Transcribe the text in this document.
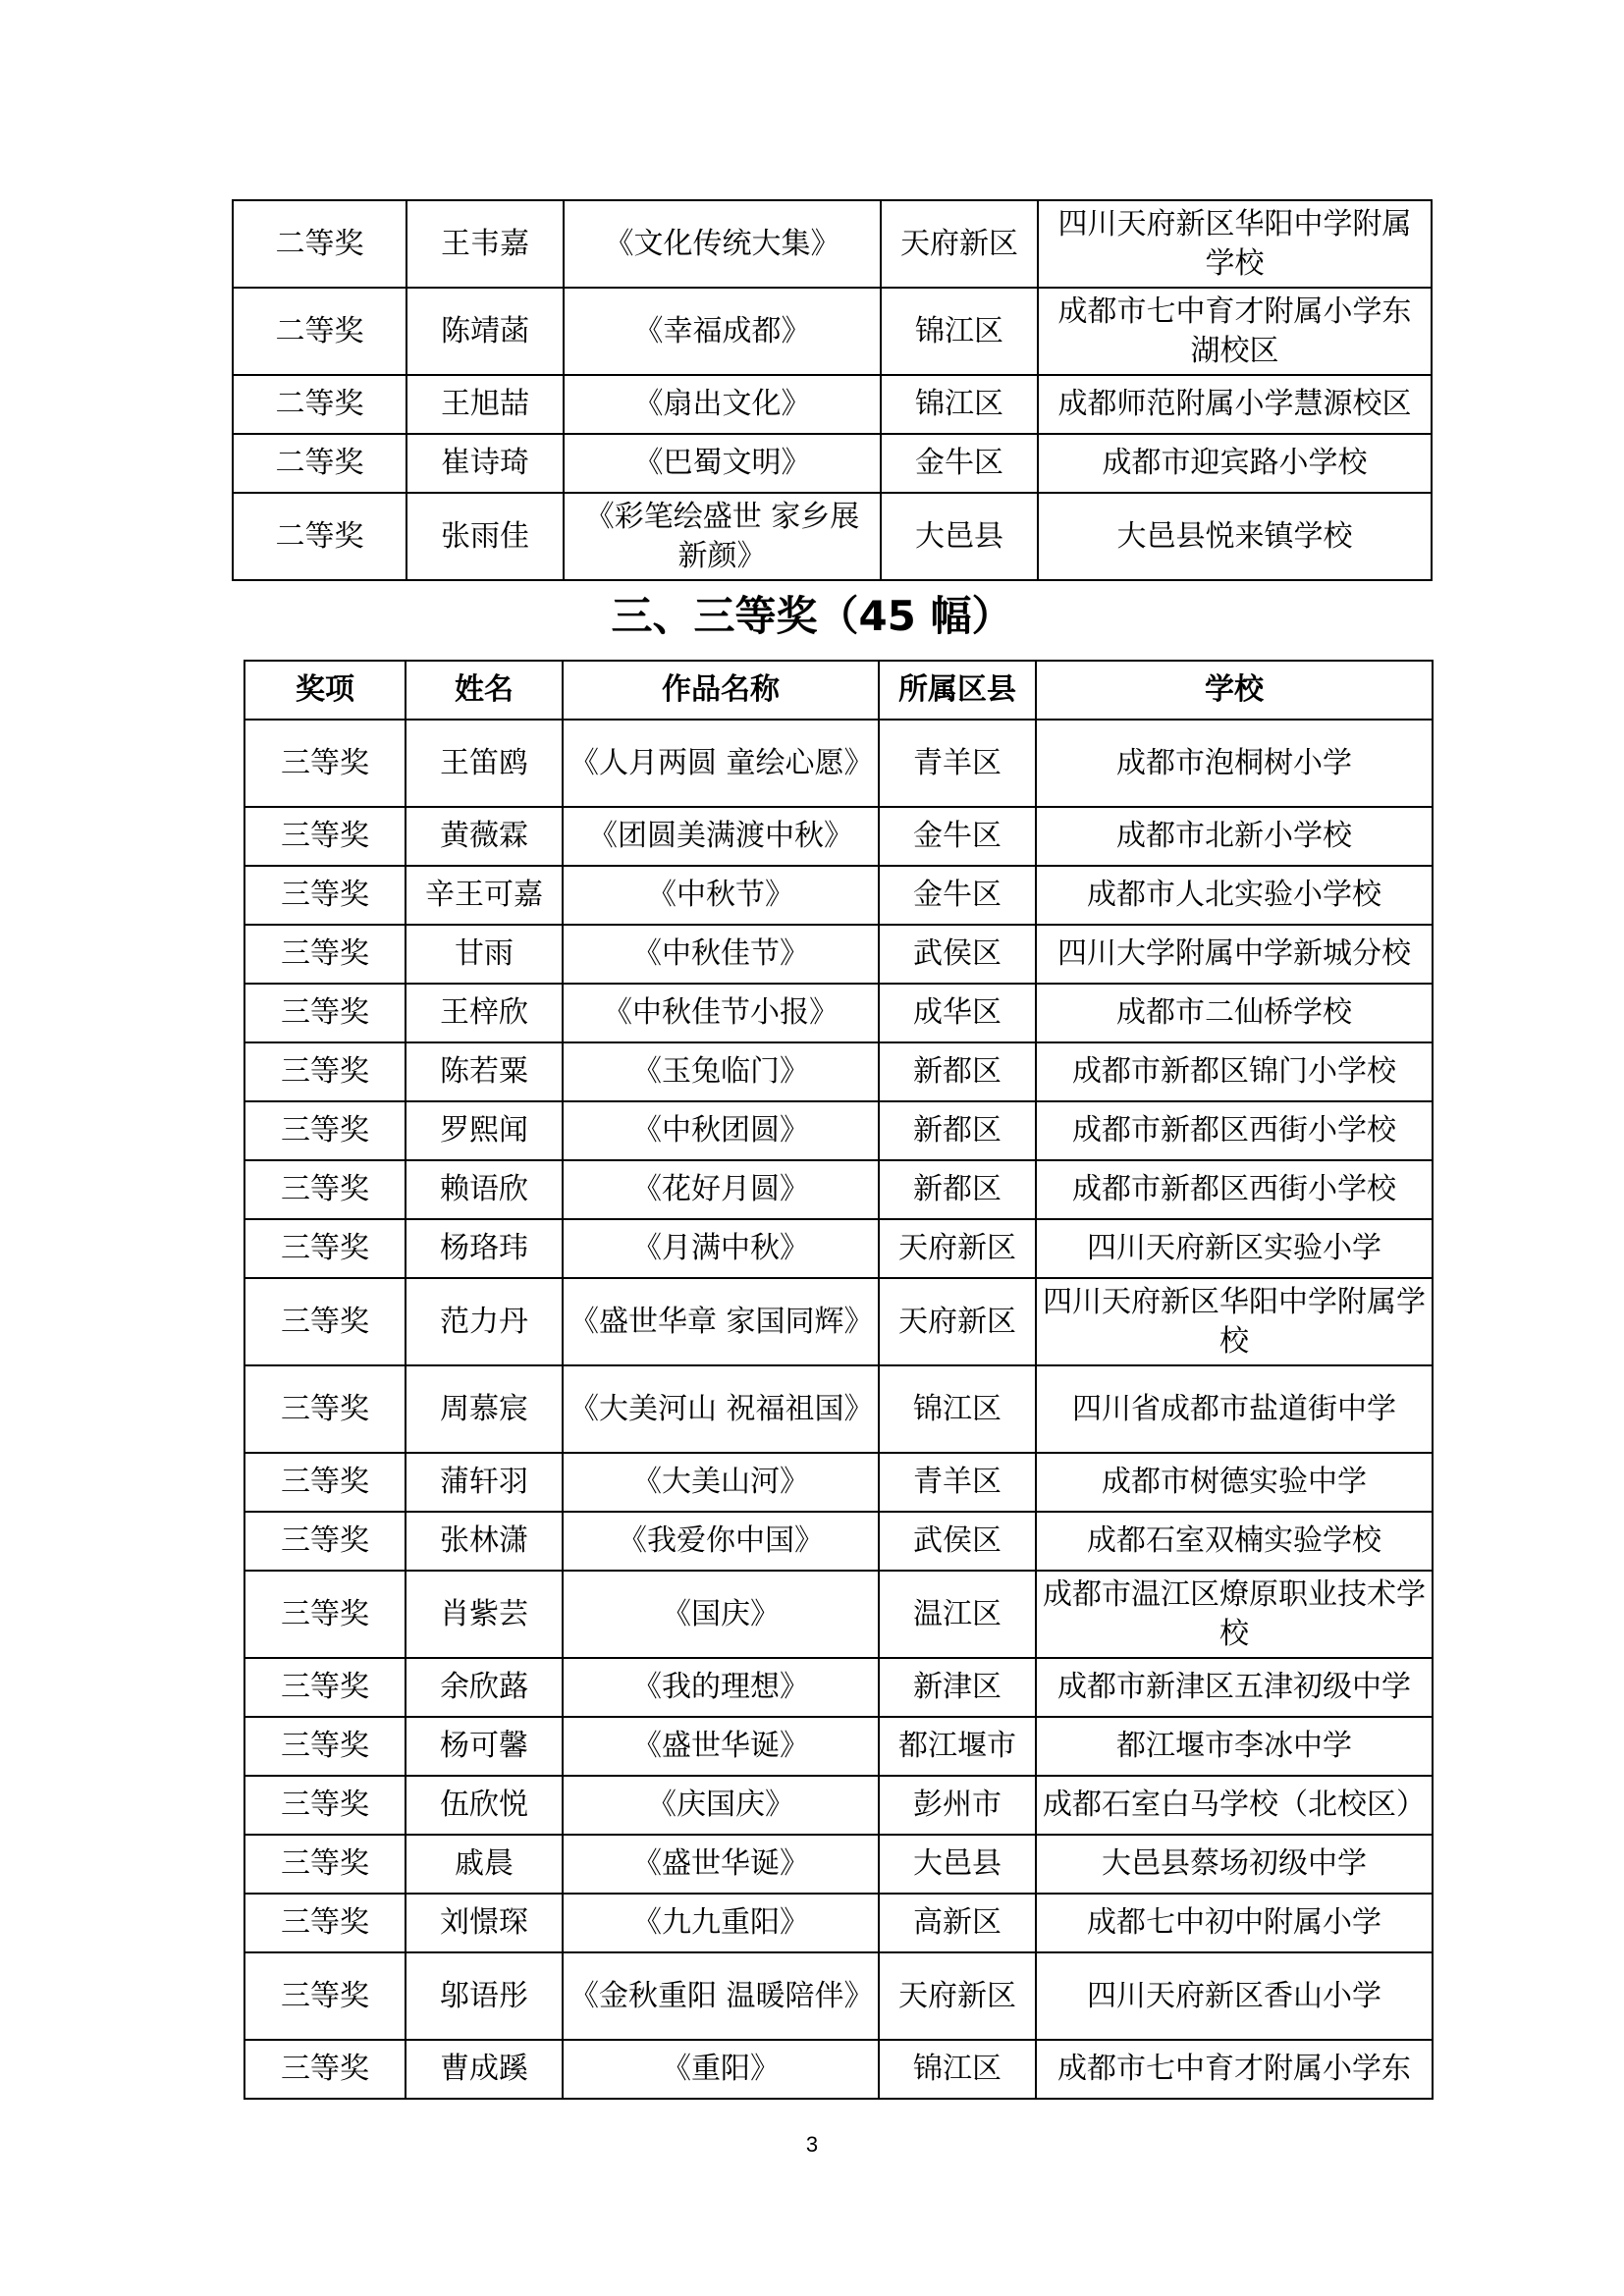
二等奖	王韦嘉	《文化传统大集》	天府新区	四川天府新区华阳中学附属学校
二等奖	陈靖菡	《幸福成都》	锦江区	成都市七中育才附属小学东湖校区
二等奖	王旭喆	《扇出文化》	锦江区	成都师范附属小学慧源校区
二等奖	崔诗琦	《巴蜀文明》	金牛区	成都市迎宾路小学校
二等奖	张雨佳	《彩笔绘盛世 家乡展新颜》	大邑县	大邑县悦来镇学校
三、三等奖（45 幅）
奖项	姓名	作品名称	所属区县	学校
三等奖	王笛鸥	《人月两圆 童绘心愿》	青羊区	成都市泡桐树小学
三等奖	黄薇霖	《团圆美满渡中秋》	金牛区	成都市北新小学校
三等奖	辛王可嘉	《中秋节》	金牛区	成都市人北实验小学校
三等奖	甘雨	《中秋佳节》	武侯区	四川大学附属中学新城分校
三等奖	王梓欣	《中秋佳节小报》	成华区	成都市二仙桥学校
三等奖	陈若粟	《玉兔临门》	新都区	成都市新都区锦门小学校
三等奖	罗熙闻	《中秋团圆》	新都区	成都市新都区西街小学校
三等奖	赖语欣	《花好月圆》	新都区	成都市新都区西街小学校
三等奖	杨珞玮	《月满中秋》	天府新区	四川天府新区实验小学
三等奖	范力丹	《盛世华章 家国同辉》	天府新区	四川天府新区华阳中学附属学校
三等奖	周慕宸	《大美河山 祝福祖国》	锦江区	四川省成都市盐道街中学
三等奖	蒲轩羽	《大美山河》	青羊区	成都市树德实验中学
三等奖	张林潇	《我爱你中国》	武侯区	成都石室双楠实验学校
三等奖	肖紫芸	《国庆》	温江区	成都市温江区燎原职业技术学校
三等奖	余欣蕗	《我的理想》	新津区	成都市新津区五津初级中学
三等奖	杨可馨	《盛世华诞》	都江堰市	都江堰市李冰中学
三等奖	伍欣悦	《庆国庆》	彭州市	成都石室白马学校（北校区）
三等奖	戚晨	《盛世华诞》	大邑县	大邑县蔡场初级中学
三等奖	刘憬琛	《九九重阳》	高新区	成都七中初中附属小学
三等奖	邬语彤	《金秋重阳 温暖陪伴》	天府新区	四川天府新区香山小学
三等奖	曹成蹊	《重阳》	锦江区	成都市七中育才附属小学东
3
